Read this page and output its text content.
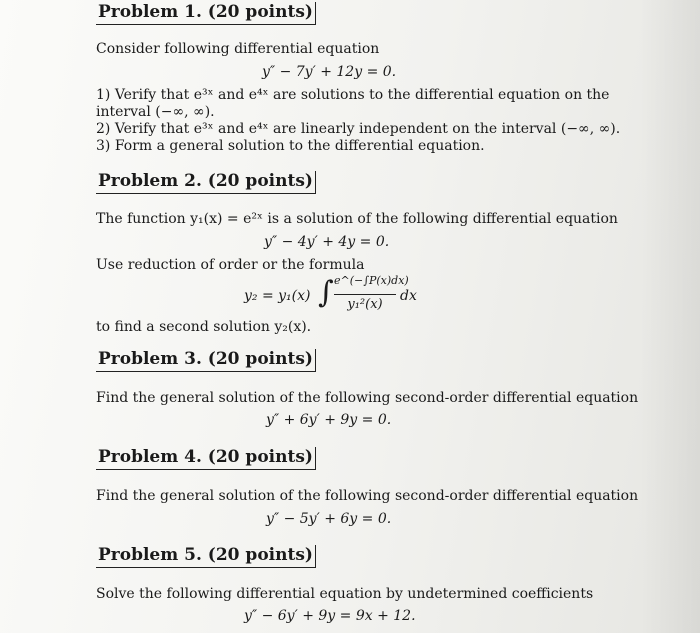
Problem 1. (20 points)
Consider following differential equation
y″ − 7y′ + 12y = 0.
1) Verify that e³ˣ and e⁴ˣ are solutions to the differential equation on the
interval (−∞, ∞).
2) Verify that e³ˣ and e⁴ˣ are linearly independent on the interval (−∞, ∞).
3) Form a general solution to the differential equation.
Problem 2. (20 points)
The function y₁(x) = e²ˣ is a solution of the following differential equation
y″ − 4y′ + 4y = 0.
Use reduction of order or the formula
y₂ = y₁(x) ∫ e^(−∫P(x)dx)
y₁²(x)
dx
to find a second solution y₂(x).
Problem 3. (20 points)
Find the general solution of the following second-order differential equation
y″ + 6y′ + 9y = 0.
Problem 4. (20 points)
Find the general solution of the following second-order differential equation
y″ − 5y′ + 6y = 0.
Problem 5. (20 points)
Solve the following differential equation by undetermined coefficients
y″ − 6y′ + 9y = 9x + 12.
